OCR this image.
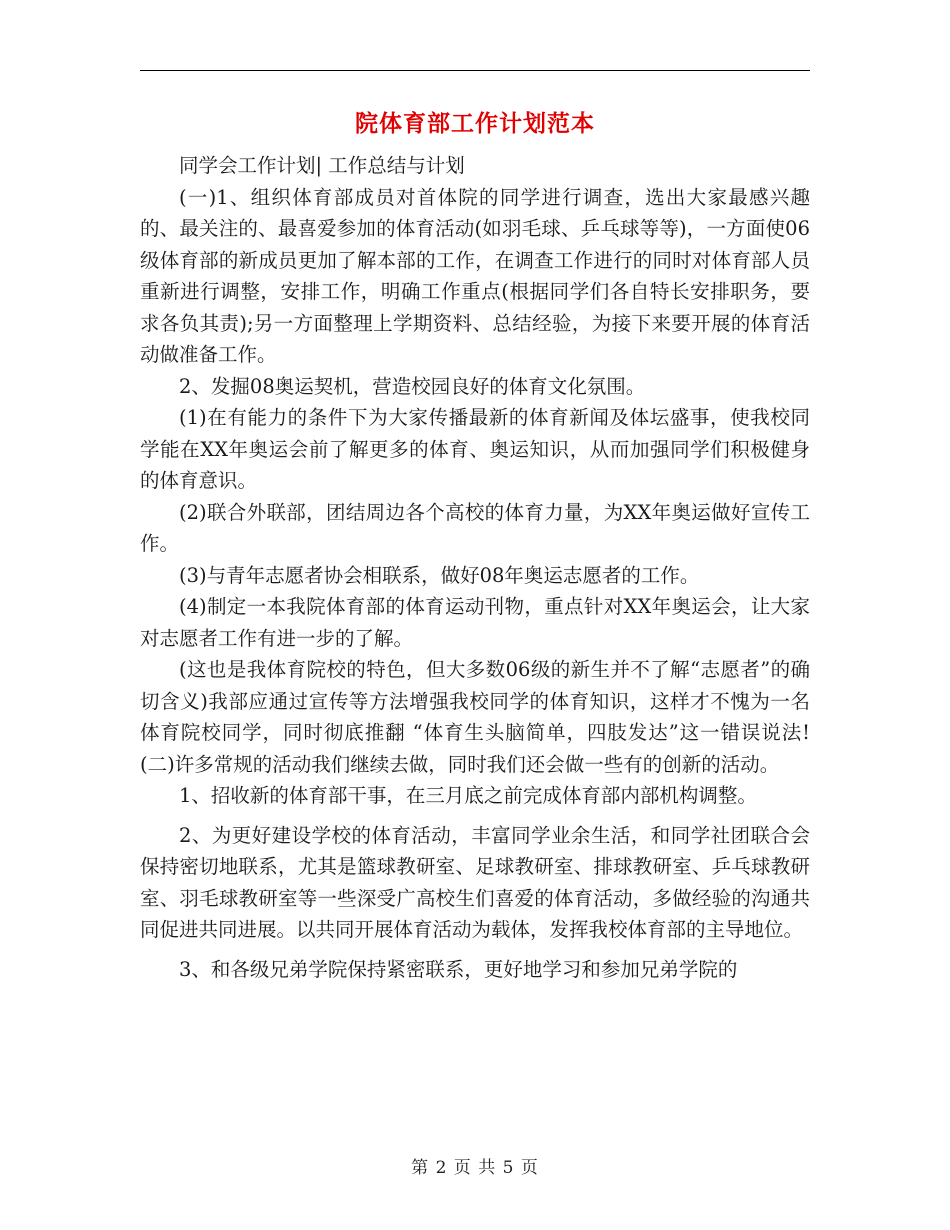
院体育部工作计划范本

同学会工作计划| 工作总结与计划

(一)1、组织体育部成员对首体院的同学进行调查，选出大家最感兴趣的、最关注的、最喜爱参加的体育活动(如羽毛球、乒乓球等等)，一方面使06级体育部的新成员更加了解本部的工作，在调查工作进行的同时对体育部人员重新进行调整，安排工作，明确工作重点(根据同学们各自特长安排职务，要求各负其责);另一方面整理上学期资料、总结经验，为接下来要开展的体育活动做准备工作。

2、发掘08奥运契机，营造校园良好的体育文化氛围。

(1)在有能力的条件下为大家传播最新的体育新闻及体坛盛事，使我校同学能在XX年奥运会前了解更多的体育、奥运知识，从而加强同学们积极健身的体育意识。

(2)联合外联部，团结周边各个高校的体育力量，为XX年奥运做好宣传工作。

(3)与青年志愿者协会相联系，做好08年奥运志愿者的工作。

(4)制定一本我院体育部的体育运动刊物，重点针对XX年奥运会，让大家对志愿者工作有进一步的了解。

(这也是我体育院校的特色，但大多数06级的新生并不了解“志愿者”的确切含义)我部应通过宣传等方法增强我校同学的体育知识，这样才不愧为一名体育院校同学，同时彻底推翻 “体育生头脑简单，四肢发达”这一错误说法!(二)许多常规的活动我们继续去做，同时我们还会做一些有的创新的活动。

1、招收新的体育部干事，在三月底之前完成体育部内部机构调整。

2、为更好建设学校的体育活动，丰富同学业余生活，和同学社团联合会保持密切地联系，尤其是篮球教研室、足球教研室、排球教研室、乒乓球教研室、羽毛球教研室等一些深受广高校生们喜爱的体育活动，多做经验的沟通共同促进共同进展。以共同开展体育活动为载体，发挥我校体育部的主导地位。

3、和各级兄弟学院保持紧密联系，更好地学习和参加兄弟学院的

第 2 页 共 5 页
